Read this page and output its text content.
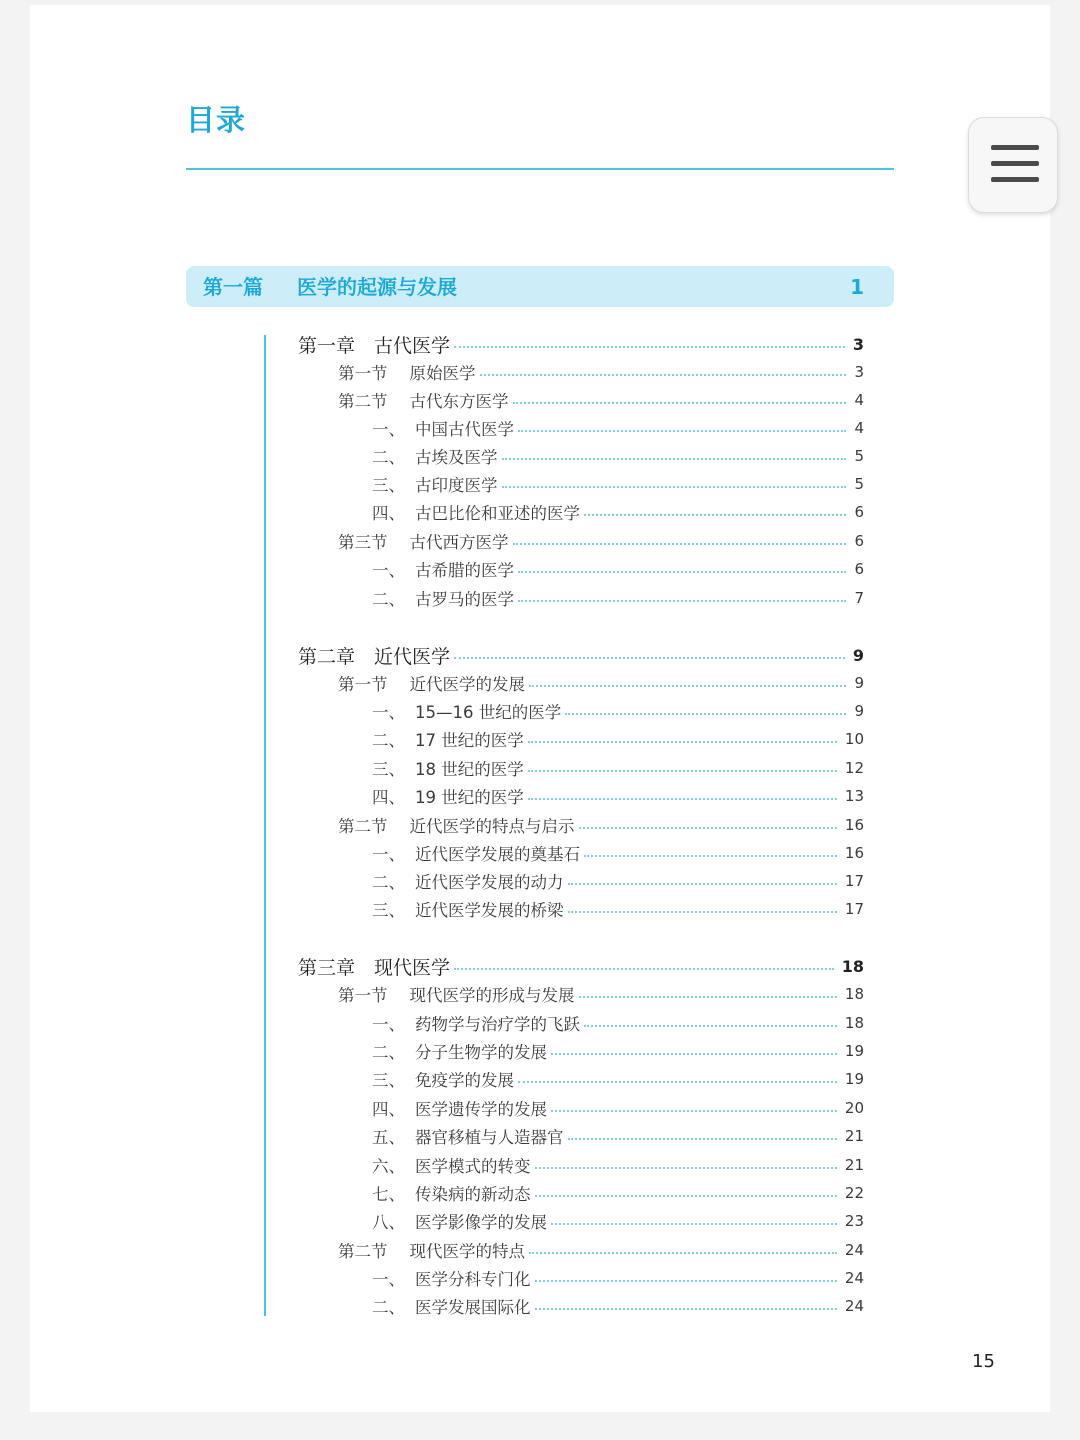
目录
第一篇 医学的起源与发展	1
第一章 古代医学	3
第一节 原始医学	3
第二节 古代东方医学	4
一、 中国古代医学	4
二、 古埃及医学	5
三、 古印度医学	5
四、 古巴比伦和亚述的医学	6
第三节 古代西方医学	6
一、 古希腊的医学	6
二、 古罗马的医学	7
第二章 近代医学	9
第一节 近代医学的发展	9
一、 15—16 世纪的医学	9
二、 17 世纪的医学	10
三、 18 世纪的医学	12
四、 19 世纪的医学	13
第二节 近代医学的特点与启示	16
一、 近代医学发展的奠基石	16
二、 近代医学发展的动力	17
三、 近代医学发展的桥梁	17
第三章 现代医学	18
第一节 现代医学的形成与发展	18
一、 药物学与治疗学的飞跃	18
二、 分子生物学的发展	19
三、 免疫学的发展	19
四、 医学遗传学的发展	20
五、 器官移植与人造器官	21
六、 医学模式的转变	21
七、 传染病的新动态	22
八、 医学影像学的发展	23
第二节 现代医学的特点	24
一、 医学分科专门化	24
二、 医学发展国际化	24
15
